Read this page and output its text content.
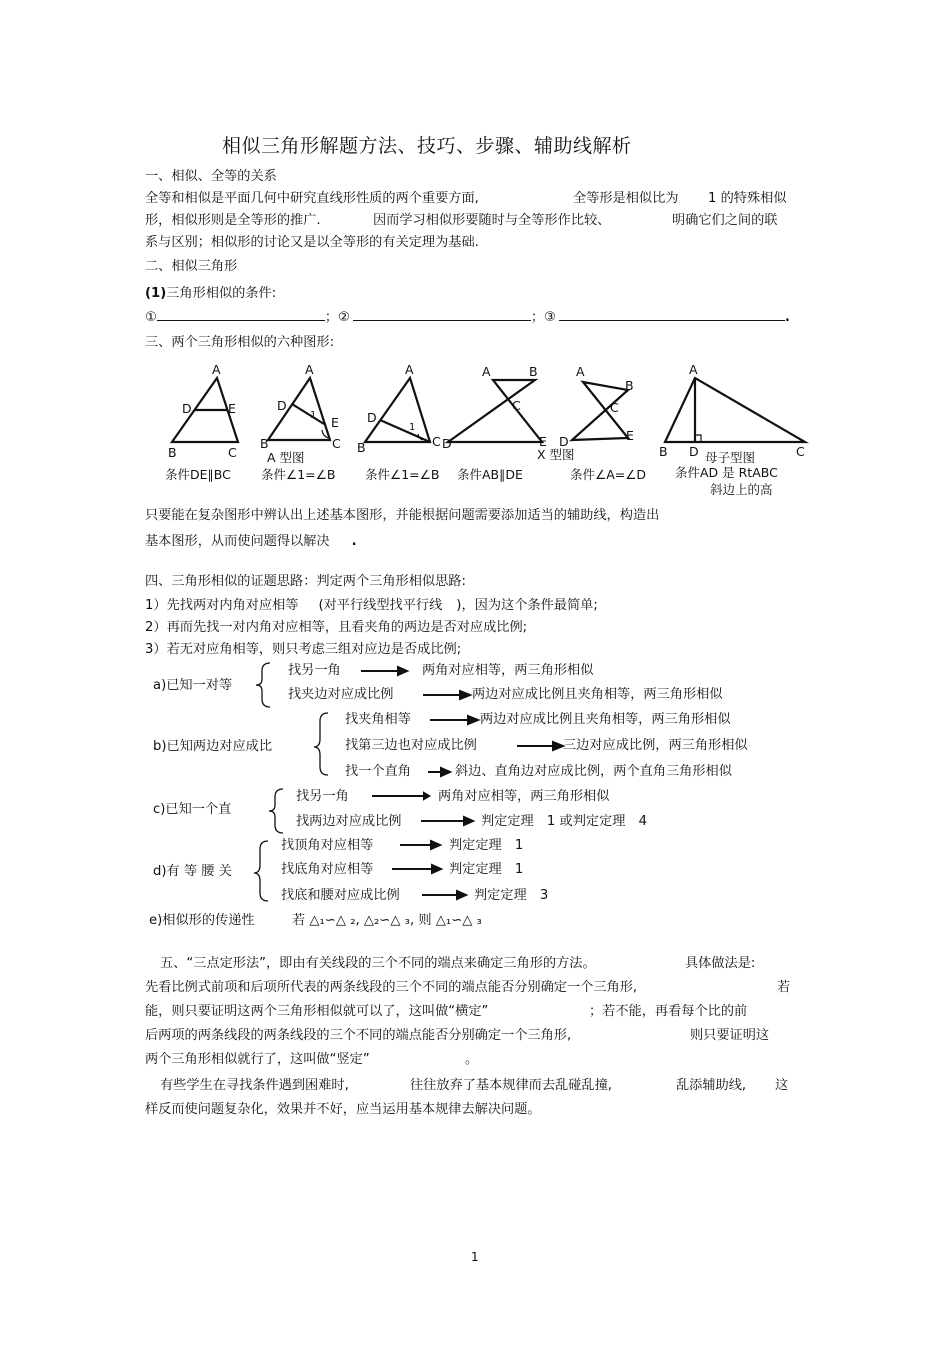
相似三角形解题方法、技巧、步骤、辅助线解析
一、相似、全等的关系
全等和相似是平面几何中研究直线形性质的两个重要方面,	全等形是相似比为 1 的特殊相似
形，相似形则是全等形的推广.	因而学习相似形要随时与全等形作比较、	明确它们之间的联
系与区别；相似形的讨论又是以全等形的有关定理为基础.
二、相似三角形
(1)三角形相似的条件:
①	；②	；③	.
三、两个三角形相似的六种图形:
A
D	E
B	C
A
D
E
1
B	C
A
D
1
B	C
A	B
C
D	E
A
B
C
D	E
A
B D	C
A 型图	X 型图	母子型图
条件DE∥BC 条件∠1=∠B 条件∠1=∠B 条件AB∥DE	条件∠A=∠D 条件AD 是 RtABC
斜边上的高
只要能在复杂图形中辨认出上述基本图形，并能根据问题需要添加适当的辅助线，构造出
基本图形，从而使问题得以解决 .
四、三角形相似的证题思路：判定两个三角形相似思路:
1）先找两对内角对应相等 (对平行线型找平行线 )，因为这个条件最简单;
2）再而先找一对内角对应相等，且看夹角的两边是否对应成比例;
3）若无对应角相等，则只考虑三组对应边是否成比例;
a)已知一对等
找另一角	两角对应相等，两三角形相似
找夹边对应成比例	两边对应成比例且夹角相等，两三角形相似
b)已知两边对应成比
找夹角相等	两边对应成比例且夹角相等，两三角形相似
找第三边也对应成比例	三边对应成比例，两三角形相似
找一个直角	斜边、直角边对应成比例，两个直角三角形相似
c)已知一个直
找另一角	两角对应相等，两三角形相似
找两边对应成比例	判定定理　1 或判定定理　4
d)有 等 腰 关
找顶角对应相等	判定定理　1
找底角对应相等	判定定理　1
找底和腰对应成比例	判定定理　3
e)相似形的传递性	若 △₁∽△ ₂, △₂∽△ ₃, 则 △₁∽△ ₃
五、“三点定形法”，即由有关线段的三个不同的端点来确定三角形的方法。	具体做法是:
先看比例式前项和后项所代表的两条线段的三个不同的端点能否分别确定一个三角形,	若
能，则只要证明这两个三角形相似就可以了，这叫做“横定”	；若不能，再看每个比的前
后两项的两条线段的两条线段的三个不同的端点能否分别确定一个三角形,	则只要证明这
两个三角形相似就行了，这叫做“竖定”	。
有些学生在寻找条件遇到困难时,	往往放弃了基本规律而去乱碰乱撞,	乱添辅助线, 这
样反而使问题复杂化，效果并不好，应当运用基本规律去解决问题。
1
